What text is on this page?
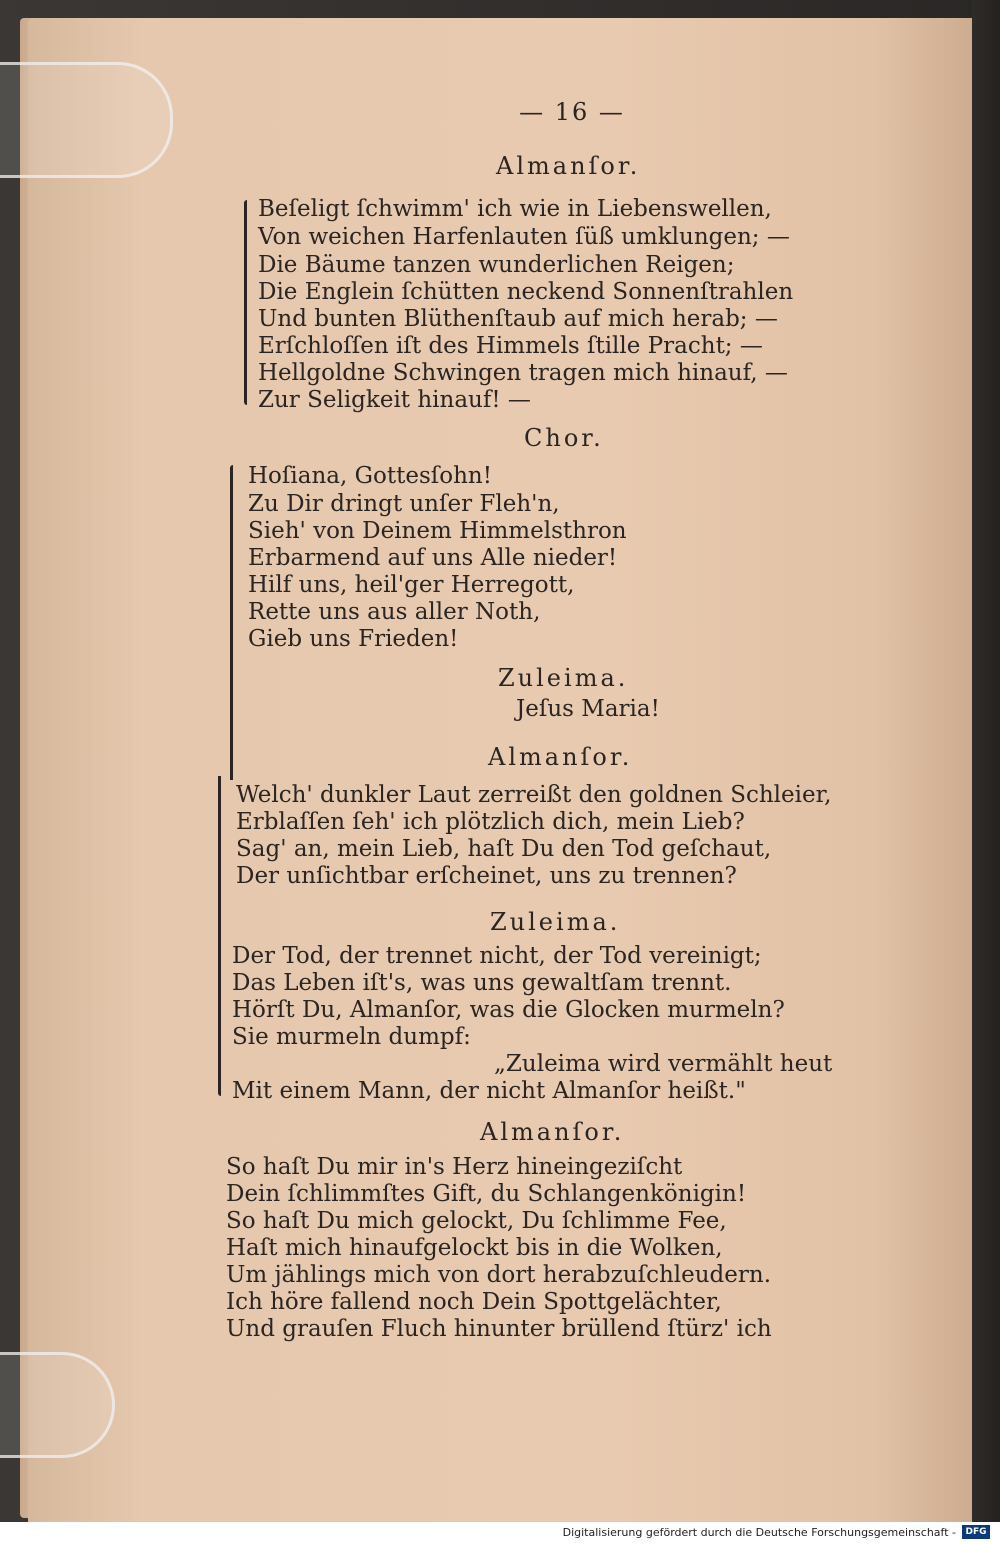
— 16 —
Almanſor.
Beſeligt ſchwimm' ich wie in Liebenswellen,
Von weichen Harfenlauten ſüß umklungen; —
Die Bäume tanzen wunderlichen Reigen;
Die Englein ſchütten neckend Sonnenſtrahlen
Und bunten Blüthenſtaub auf mich herab; —
Erſchloſſen iſt des Himmels ſtille Pracht; —
Hellgoldne Schwingen tragen mich hinauf, —
Zur Seligkeit hinauf! —
Chor.
Hoſiana, Gottesſohn!
Zu Dir dringt unſer Fleh'n,
Sieh' von Deinem Himmelsthron
Erbarmend auf uns Alle nieder!
Hilf uns, heil'ger Herregott,
Rette uns aus aller Noth,
Gieb uns Frieden!
Zuleima.
Jeſus Maria!
Almanſor.
Welch' dunkler Laut zerreißt den goldnen Schleier,
Erblaſſen ſeh' ich plötzlich dich, mein Lieb?
Sag' an, mein Lieb, haſt Du den Tod geſchaut,
Der unſichtbar erſcheinet, uns zu trennen?
Zuleima.
Der Tod, der trennet nicht, der Tod vereinigt;
Das Leben iſt's, was uns gewaltſam trennt.
Hörſt Du, Almanſor, was die Glocken murmeln?
Sie murmeln dumpf:
„Zuleima wird vermählt heut
Mit einem Mann, der nicht Almanſor heißt."
Almanſor.
So haſt Du mir in's Herz hineingeziſcht
Dein ſchlimmſtes Gift, du Schlangenkönigin!
So haſt Du mich gelockt, Du ſchlimme Fee,
Haſt mich hinaufgelockt bis in die Wolken,
Um jählings mich von dort herabzuſchleudern.
Ich höre fallend noch Dein Spottgelächter,
Und grauſen Fluch hinunter brüllend ſtürz' ich
Digitalisierung gefördert durch die Deutsche Forschungsgemeinschaft -	DFG
